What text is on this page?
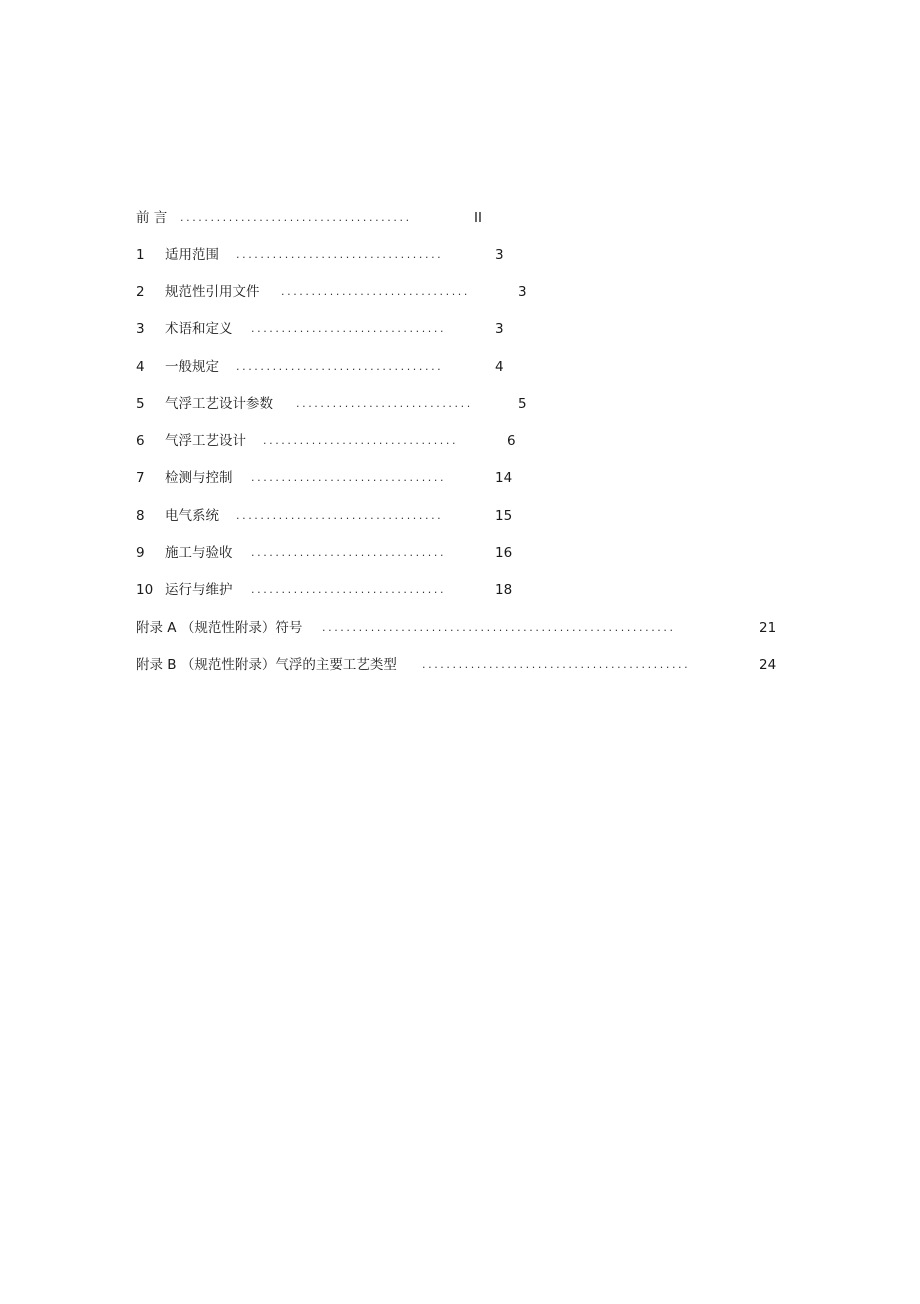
前 言 ......................................	II
1 适用范围 ..................................	3
2 规范性引用文件 ...............................	3
3 术语和定义 ................................	3
4 一般规定 ..................................	4
5 气浮工艺设计参数 .............................	5
6 气浮工艺设计 ................................	6
7 检测与控制 ................................	14
8 电气系统 ..................................	15
9 施工与验收 ................................	16
10 运行与维护 ................................	18
附录 A （规范性附录）符号 ..........................................................	21
附录 B （规范性附录）气浮的主要工艺类型 ............................................	24
